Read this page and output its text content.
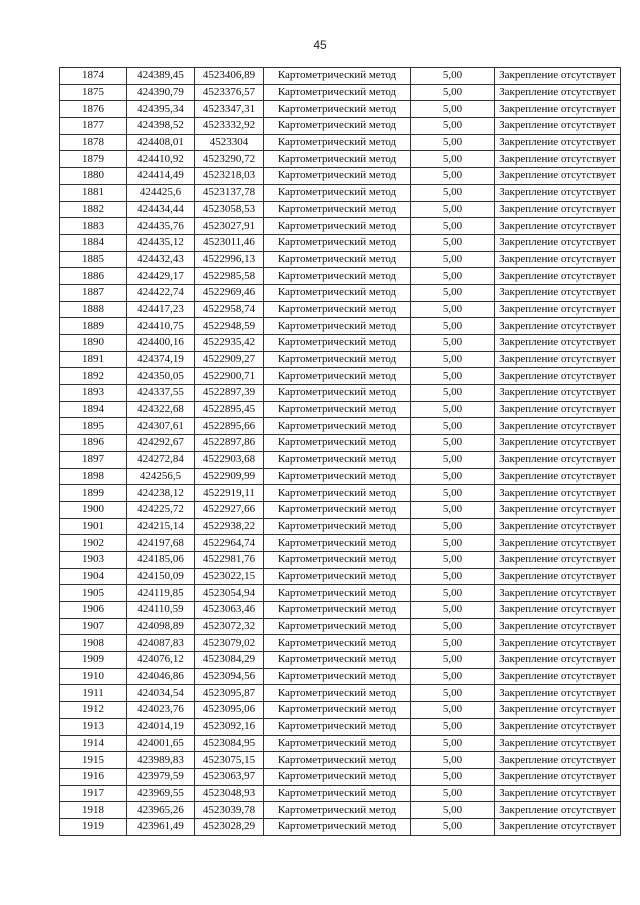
45
1874	424389,45	4523406,89	Картометрический метод	5,00	Закрепление отсутствует
1875	424390,79	4523376,57	Картометрический метод	5,00	Закрепление отсутствует
1876	424395,34	4523347,31	Картометрический метод	5,00	Закрепление отсутствует
1877	424398,52	4523332,92	Картометрический метод	5,00	Закрепление отсутствует
1878	424408,01	4523304	Картометрический метод	5,00	Закрепление отсутствует
1879	424410,92	4523290,72	Картометрический метод	5,00	Закрепление отсутствует
1880	424414,49	4523218,03	Картометрический метод	5,00	Закрепление отсутствует
1881	424425,6	4523137,78	Картометрический метод	5,00	Закрепление отсутствует
1882	424434,44	4523058,53	Картометрический метод	5,00	Закрепление отсутствует
1883	424435,76	4523027,91	Картометрический метод	5,00	Закрепление отсутствует
1884	424435,12	4523011,46	Картометрический метод	5,00	Закрепление отсутствует
1885	424432,43	4522996,13	Картометрический метод	5,00	Закрепление отсутствует
1886	424429,17	4522985,58	Картометрический метод	5,00	Закрепление отсутствует
1887	424422,74	4522969,46	Картометрический метод	5,00	Закрепление отсутствует
1888	424417,23	4522958,74	Картометрический метод	5,00	Закрепление отсутствует
1889	424410,75	4522948,59	Картометрический метод	5,00	Закрепление отсутствует
1890	424400,16	4522935,42	Картометрический метод	5,00	Закрепление отсутствует
1891	424374,19	4522909,27	Картометрический метод	5,00	Закрепление отсутствует
1892	424350,05	4522900,71	Картометрический метод	5,00	Закрепление отсутствует
1893	424337,55	4522897,39	Картометрический метод	5,00	Закрепление отсутствует
1894	424322,68	4522895,45	Картометрический метод	5,00	Закрепление отсутствует
1895	424307,61	4522895,66	Картометрический метод	5,00	Закрепление отсутствует
1896	424292,67	4522897,86	Картометрический метод	5,00	Закрепление отсутствует
1897	424272,84	4522903,68	Картометрический метод	5,00	Закрепление отсутствует
1898	424256,5	4522909,99	Картометрический метод	5,00	Закрепление отсутствует
1899	424238,12	4522919,11	Картометрический метод	5,00	Закрепление отсутствует
1900	424225,72	4522927,66	Картометрический метод	5,00	Закрепление отсутствует
1901	424215,14	4522938,22	Картометрический метод	5,00	Закрепление отсутствует
1902	424197,68	4522964,74	Картометрический метод	5,00	Закрепление отсутствует
1903	424185,06	4522981,76	Картометрический метод	5,00	Закрепление отсутствует
1904	424150,09	4523022,15	Картометрический метод	5,00	Закрепление отсутствует
1905	424119,85	4523054,94	Картометрический метод	5,00	Закрепление отсутствует
1906	424110,59	4523063,46	Картометрический метод	5,00	Закрепление отсутствует
1907	424098,89	4523072,32	Картометрический метод	5,00	Закрепление отсутствует
1908	424087,83	4523079,02	Картометрический метод	5,00	Закрепление отсутствует
1909	424076,12	4523084,29	Картометрический метод	5,00	Закрепление отсутствует
1910	424046,86	4523094,56	Картометрический метод	5,00	Закрепление отсутствует
1911	424034,54	4523095,87	Картометрический метод	5,00	Закрепление отсутствует
1912	424023,76	4523095,06	Картометрический метод	5,00	Закрепление отсутствует
1913	424014,19	4523092,16	Картометрический метод	5,00	Закрепление отсутствует
1914	424001,65	4523084,95	Картометрический метод	5,00	Закрепление отсутствует
1915	423989,83	4523075,15	Картометрический метод	5,00	Закрепление отсутствует
1916	423979,59	4523063,97	Картометрический метод	5,00	Закрепление отсутствует
1917	423969,55	4523048,93	Картометрический метод	5,00	Закрепление отсутствует
1918	423965,26	4523039,78	Картометрический метод	5,00	Закрепление отсутствует
1919	423961,49	4523028,29	Картометрический метод	5,00	Закрепление отсутствует
